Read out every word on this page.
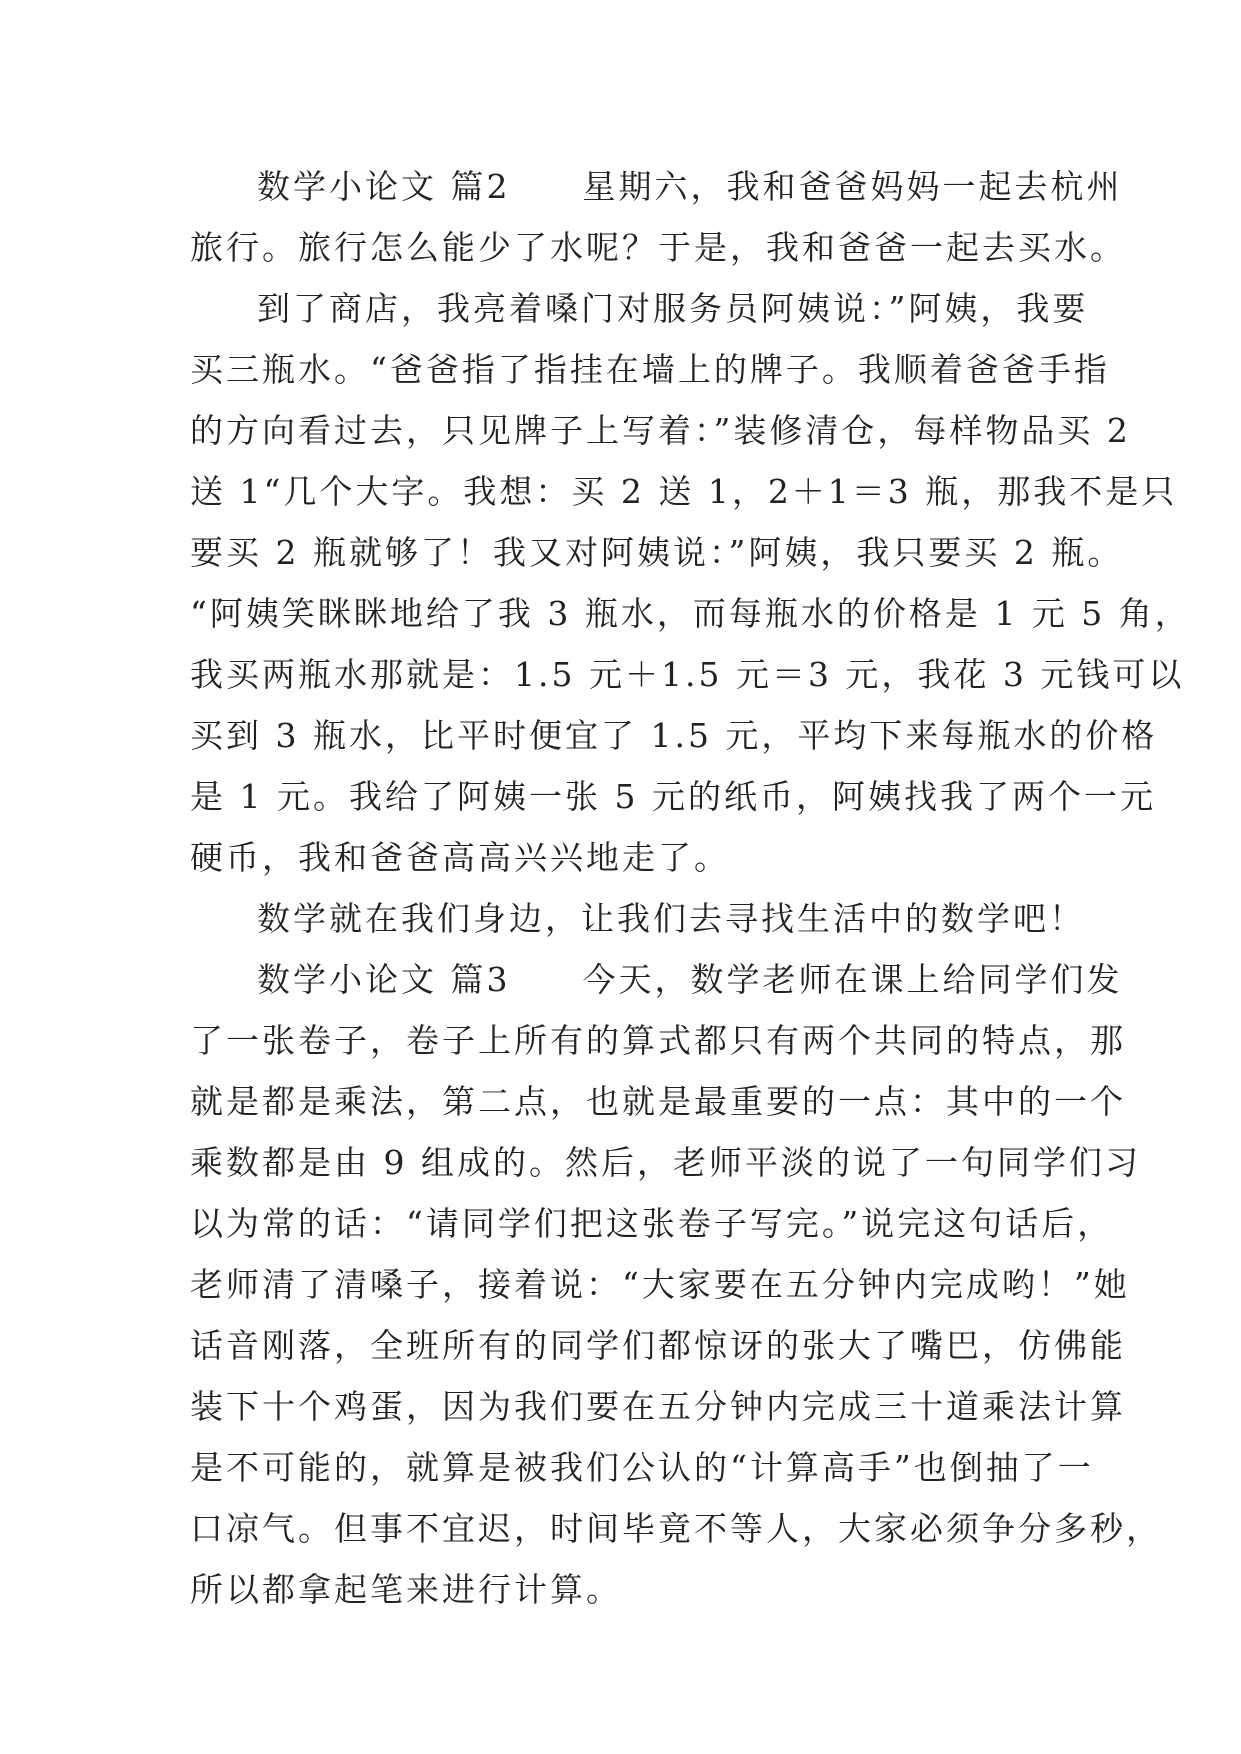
数学小论文 篇2　　星期六，我和爸爸妈妈一起去杭州
旅行。旅行怎么能少了水呢？于是，我和爸爸一起去买水。
到了商店，我亮着嗓门对服务员阿姨说：”阿姨，我要
买三瓶水。“爸爸指了指挂在墙上的牌子。我顺着爸爸手指
的方向看过去，只见牌子上写着：”装修清仓，每样物品买 2
送 1“几个大字。我想：买 2 送 1，2＋1＝3 瓶，那我不是只
要买 2 瓶就够了！我又对阿姨说：”阿姨，我只要买 2 瓶。
“阿姨笑眯眯地给了我 3 瓶水，而每瓶水的价格是 1 元 5 角，
我买两瓶水那就是：1.5 元＋1.5 元＝3 元，我花 3 元钱可以
买到 3 瓶水，比平时便宜了 1.5 元，平均下来每瓶水的价格
是 1 元。我给了阿姨一张 5 元的纸币，阿姨找我了两个一元
硬币，我和爸爸高高兴兴地走了。
数学就在我们身边，让我们去寻找生活中的数学吧！
数学小论文 篇3　　今天，数学老师在课上给同学们发
了一张卷子，卷子上所有的算式都只有两个共同的特点，那
就是都是乘法，第二点，也就是最重要的一点：其中的一个
乘数都是由 9 组成的。然后，老师平淡的说了一句同学们习
以为常的话：“请同学们把这张卷子写完。”说完这句话后，
老师清了清嗓子，接着说：“大家要在五分钟内完成哟！”她
话音刚落，全班所有的同学们都惊讶的张大了嘴巴，仿佛能
装下十个鸡蛋，因为我们要在五分钟内完成三十道乘法计算
是不可能的，就算是被我们公认的“计算高手”也倒抽了一
口凉气。但事不宜迟，时间毕竟不等人，大家必须争分多秒，
所以都拿起笔来进行计算。
